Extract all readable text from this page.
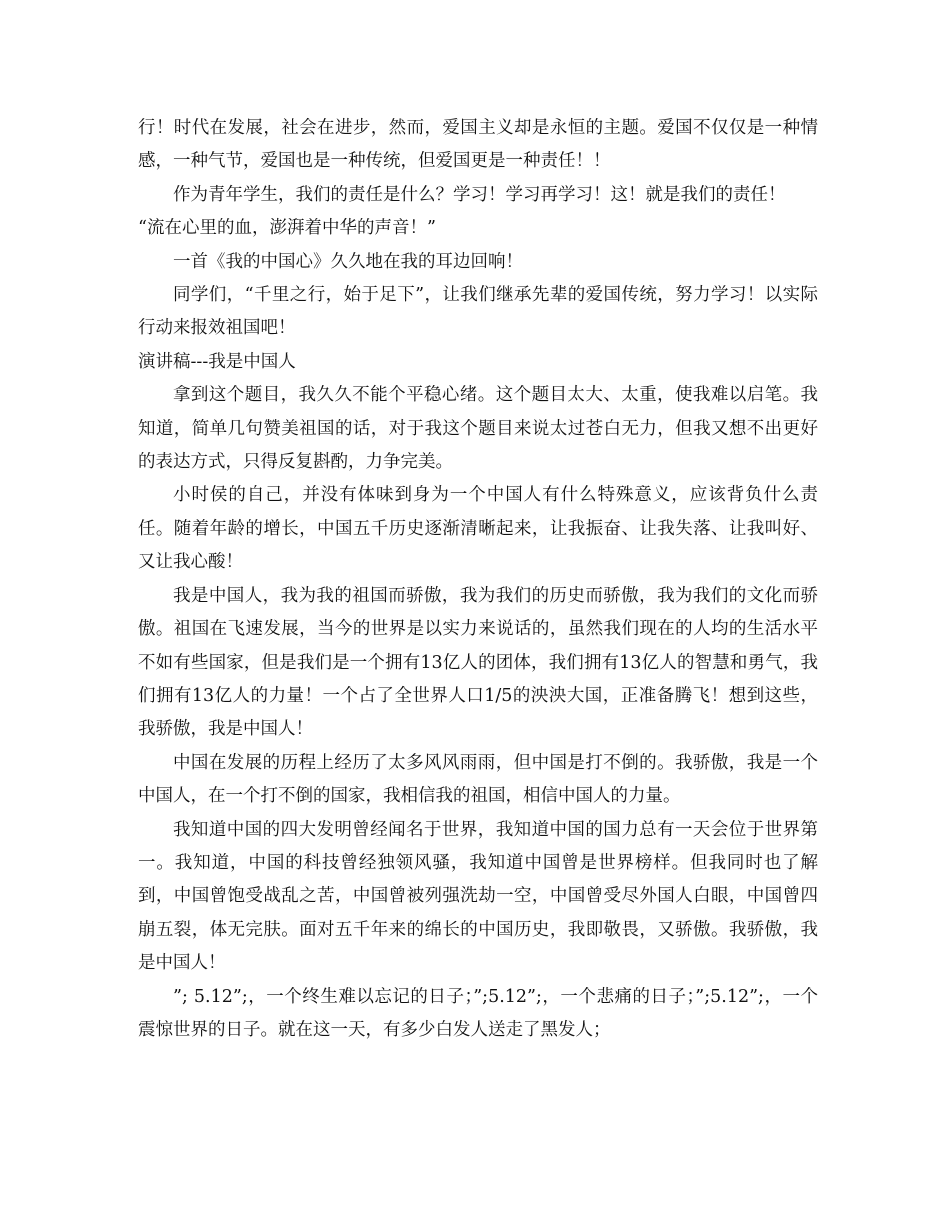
行！时代在发展，社会在进步，然而，爱国主义却是永恒的主题。爱国不仅仅是一种情感，一种气节，爱国也是一种传统，但爱国更是一种责任！！

作为青年学生，我们的责任是什么？学习！学习再学习！这！就是我们的责任！

“流在心里的血，澎湃着中华的声音！”

一首《我的中国心》久久地在我的耳边回响！

同学们，“千里之行，始于足下”，让我们继承先辈的爱国传统，努力学习！以实际行动来报效祖国吧！

演讲稿---我是中国人

拿到这个题目，我久久不能个平稳心绪。这个题目太大、太重，使我难以启笔。我知道，简单几句赞美祖国的话，对于我这个题目来说太过苍白无力，但我又想不出更好的表达方式，只得反复斟酌，力争完美。

小时侯的自己，并没有体味到身为一个中国人有什么特殊意义，应该背负什么责任。随着年龄的增长，中国五千历史逐渐清晰起来，让我振奋、让我失落、让我叫好、又让我心酸！

我是中国人，我为我的祖国而骄傲，我为我们的历史而骄傲，我为我们的文化而骄傲。祖国在飞速发展，当今的世界是以实力来说话的，虽然我们现在的人均的生活水平不如有些国家，但是我们是一个拥有13亿人的团体，我们拥有13亿人的智慧和勇气，我们拥有13亿人的力量！一个占了全世界人口1/5的泱泱大国，正准备腾飞！想到这些，我骄傲，我是中国人！

中国在发展的历程上经历了太多风风雨雨，但中国是打不倒的。我骄傲，我是一个中国人，在一个打不倒的国家，我相信我的祖国，相信中国人的力量。

我知道中国的四大发明曾经闻名于世界，我知道中国的国力总有一天会位于世界第一。我知道，中国的科技曾经独领风骚，我知道中国曾是世界榜样。但我同时也了解到，中国曾饱受战乱之苦，中国曾被列强洗劫一空，中国曾受尽外国人白眼，中国曾四崩五裂，体无完肤。面对五千年来的绵长的中国历史，我即敬畏，又骄傲。我骄傲，我是中国人！

”; 5.12”;，一个终生难以忘记的日子；”;5.12”;，一个悲痛的日子；”;5.12”;，一个震惊世界的日子。就在这一天，有多少白发人送走了黑发人；
